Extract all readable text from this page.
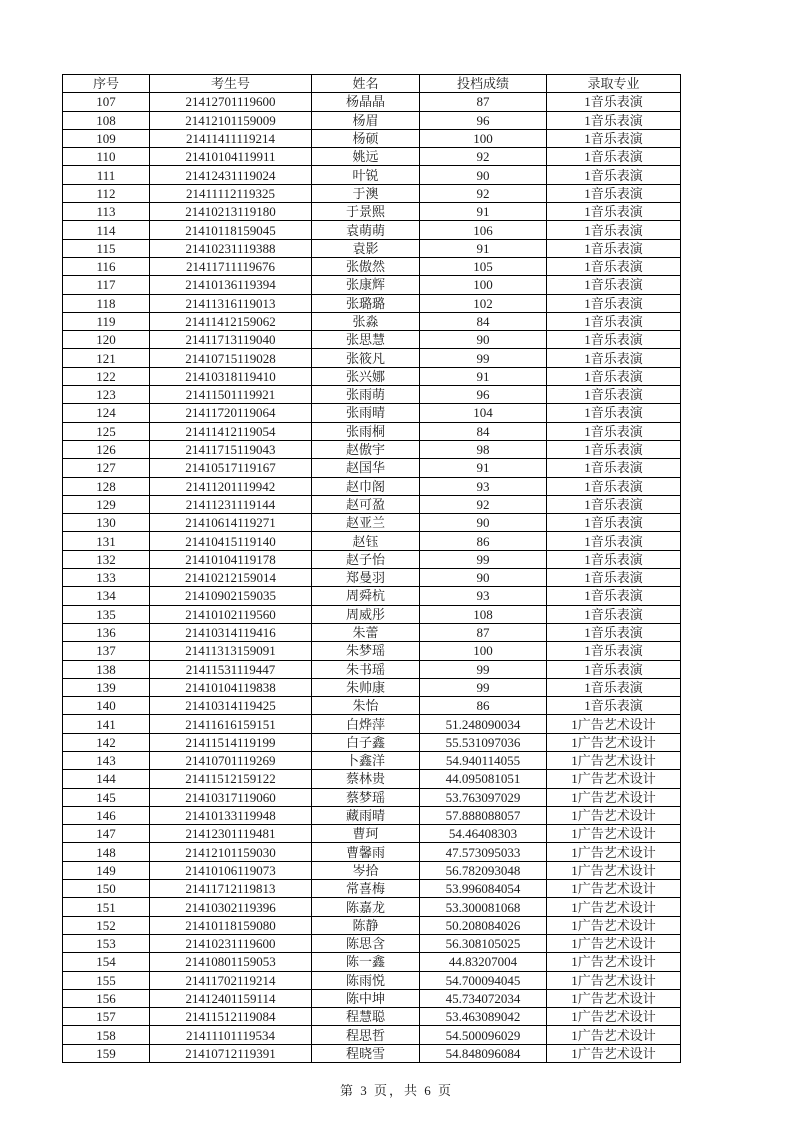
序号	考生号	姓名	投档成绩	录取专业
107	21412701119600	杨晶晶	87	1音乐表演
108	21412101159009	杨眉	96	1音乐表演
109	21411411119214	杨硕	100	1音乐表演
110	21410104119911	姚远	92	1音乐表演
111	21412431119024	叶锐	90	1音乐表演
112	21411112119325	于澳	92	1音乐表演
113	21410213119180	于景熙	91	1音乐表演
114	21410118159045	袁萌萌	106	1音乐表演
115	21410231119388	袁影	91	1音乐表演
116	21411711119676	张傲然	105	1音乐表演
117	21410136119394	张康辉	100	1音乐表演
118	21411316119013	张璐璐	102	1音乐表演
119	21411412159062	张淼	84	1音乐表演
120	21411713119040	张思慧	90	1音乐表演
121	21410715119028	张筱凡	99	1音乐表演
122	21410318119410	张兴娜	91	1音乐表演
123	21411501119921	张雨萌	96	1音乐表演
124	21411720119064	张雨晴	104	1音乐表演
125	21411412119054	张雨桐	84	1音乐表演
126	21411715119043	赵傲宇	98	1音乐表演
127	21410517119167	赵国华	91	1音乐表演
128	21411201119942	赵巾阁	93	1音乐表演
129	21411231119144	赵可盈	92	1音乐表演
130	21410614119271	赵亚兰	90	1音乐表演
131	21410415119140	赵钰	86	1音乐表演
132	21410104119178	赵子怡	99	1音乐表演
133	21410212159014	郑曼羽	90	1音乐表演
134	21410902159035	周舜杭	93	1音乐表演
135	21410102119560	周威彤	108	1音乐表演
136	21410314119416	朱蕾	87	1音乐表演
137	21411313159091	朱梦瑶	100	1音乐表演
138	21411531119447	朱书瑶	99	1音乐表演
139	21410104119838	朱帅康	99	1音乐表演
140	21410314119425	朱怡	86	1音乐表演
141	21411616159151	白烨萍	51.248090034	1广告艺术设计
142	21411514119199	白子鑫	55.531097036	1广告艺术设计
143	21410701119269	卜鑫洋	54.940114055	1广告艺术设计
144	21411512159122	蔡林贵	44.095081051	1广告艺术设计
145	21410317119060	蔡梦瑶	53.763097029	1广告艺术设计
146	21410133119948	藏雨晴	57.888088057	1广告艺术设计
147	21412301119481	曹珂	54.46408303	1广告艺术设计
148	21412101159030	曹馨雨	47.573095033	1广告艺术设计
149	21410106119073	岑拾	56.782093048	1广告艺术设计
150	21411712119813	常喜梅	53.996084054	1广告艺术设计
151	21410302119396	陈嘉龙	53.300081068	1广告艺术设计
152	21410118159080	陈静	50.208084026	1广告艺术设计
153	21410231119600	陈思含	56.308105025	1广告艺术设计
154	21410801159053	陈一鑫	44.83207004	1广告艺术设计
155	21411702119214	陈雨悦	54.700094045	1广告艺术设计
156	21412401159114	陈中坤	45.734072034	1广告艺术设计
157	21411512119084	程慧聪	53.463089042	1广告艺术设计
158	21411101119534	程思哲	54.500096029	1广告艺术设计
159	21410712119391	程晓雪	54.848096084	1广告艺术设计
第 3 页，共 6 页
